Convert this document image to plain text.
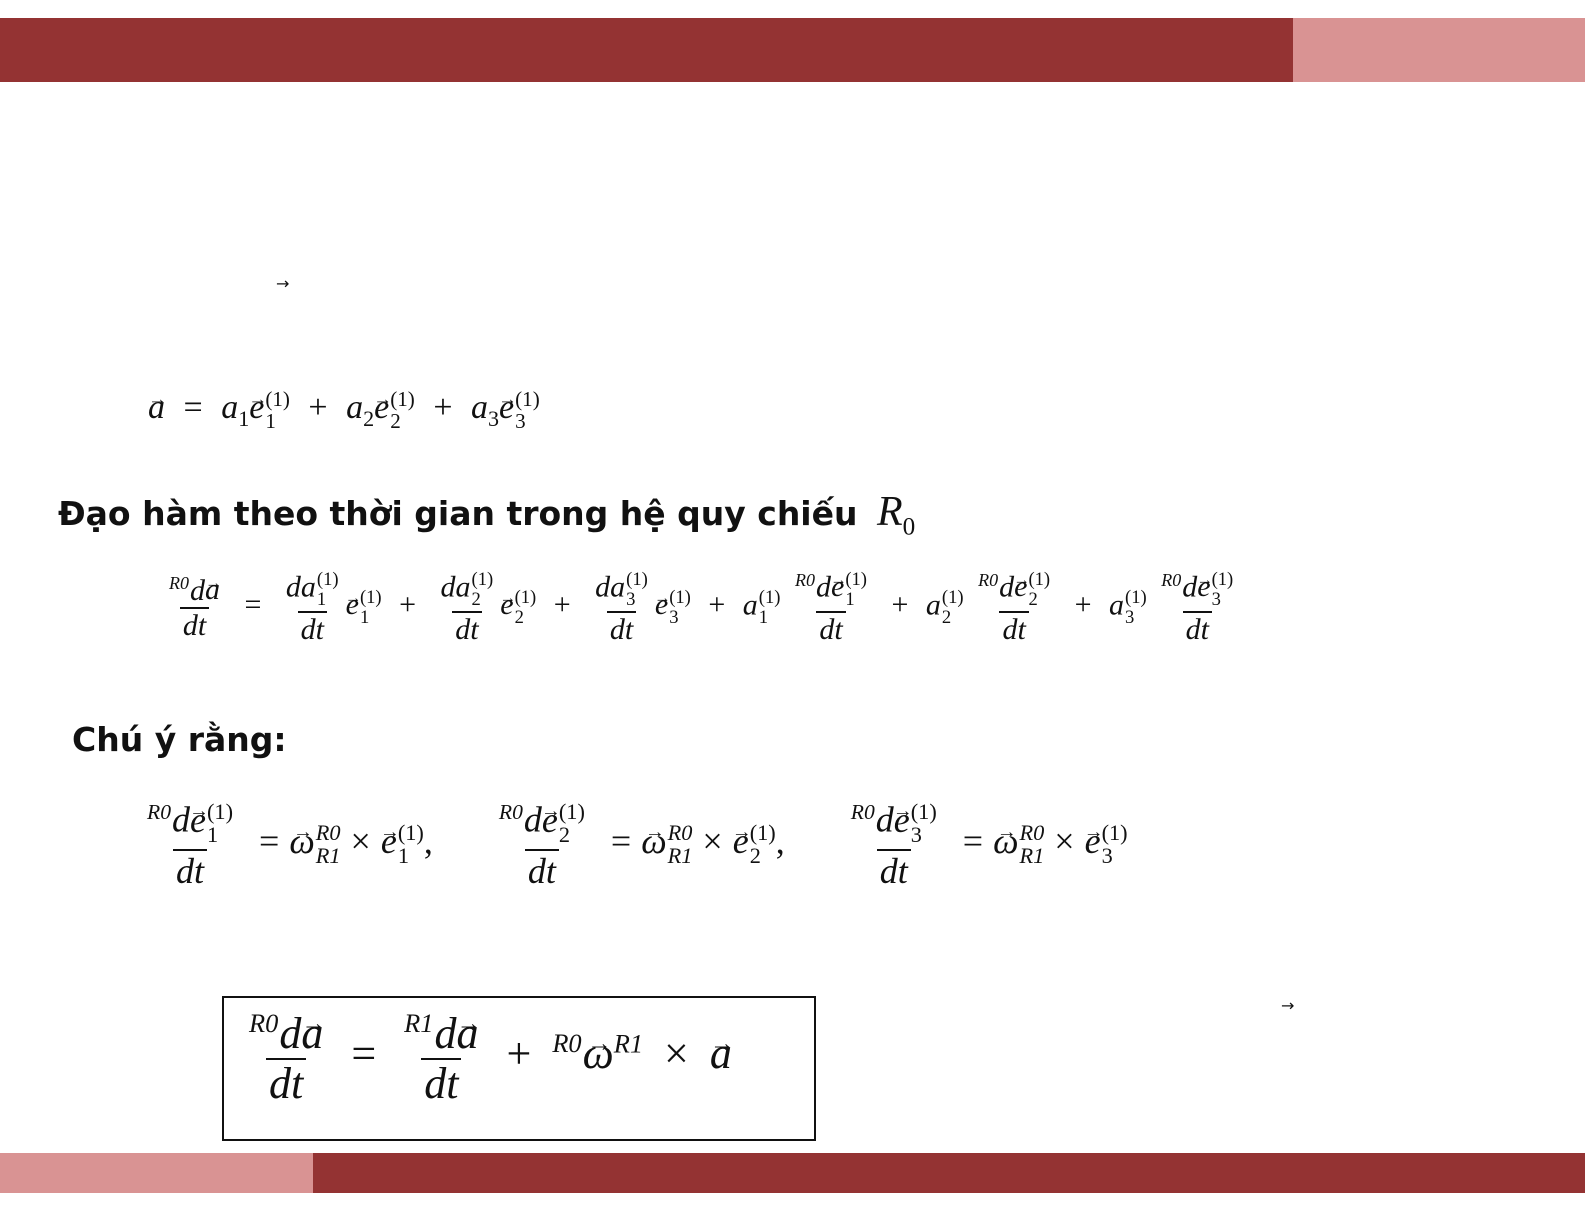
→
→
→ $a = a_1\to e$ (1)
$1 + a_2\to e$ (1)
$2 + a_3\to e$ (1)
3
Đạo hàm theo thời gian trong hệ quy chiếu $R_0$
$\frac{^{R0}d\to a}{dt}$ = da (1)
1
dt → e (1)
1 + da (1)
2
dt → e (1)
2 + da (1)
3
dt → e (1)
3 + a (1)
1
	$^{R0}$d→ e (1)
1
dt + a (1)
2
	$^{R0}$d→ e (1)
2
dt + a (1)
3
	$^{R0}$d→ e (1)
3
dt
Chú ý rằng:
$^{R0}$d→ e (1)
1
dt = → ω R0
R1 × → e (1)
1 ,	$^{R0}$d→ e (1)
2
dt = → ω R0
R1 × → e (1)
2 ,	$^{R0}$d→ e (1)
3
dt = → ω R0
R1 × → e (1)
3
$\frac{^{R0}d\to a}{dt} = \frac{^{R1}d\to a}{dt} + ^{R0}\to \omega^{R1}$ × → a
